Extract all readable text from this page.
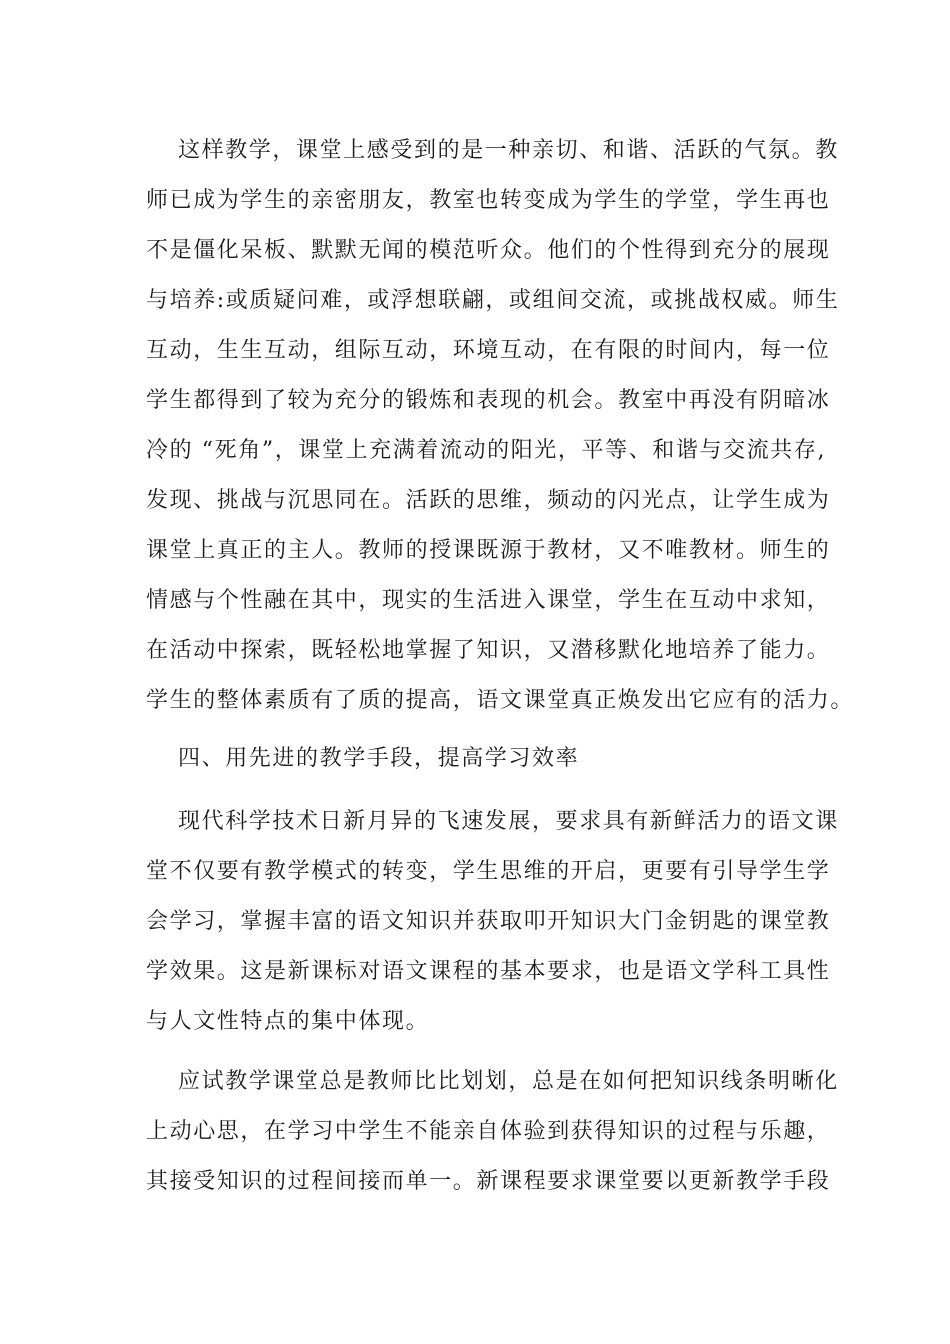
这样教学，课堂上感受到的是一种亲切、和谐、活跃的气氛。教
师已成为学生的亲密朋友，教室也转变成为学生的学堂，学生再也
不是僵化呆板、默默无闻的模范听众。他们的个性得到充分的展现
与培养:或质疑问难，或浮想联翩，或组间交流，或挑战权威。师生
互动，生生互动，组际互动，环境互动，在有限的时间内，每一位
学生都得到了较为充分的锻炼和表现的机会。教室中再没有阴暗冰
冷的 “死角”，课堂上充满着流动的阳光，平等、和谐与交流共存,
发现、挑战与沉思同在。活跃的思维，频动的闪光点，让学生成为
课堂上真正的主人。教师的授课既源于教材，又不唯教材。师生的
情感与个性融在其中，现实的生活进入课堂，学生在互动中求知，
在活动中探索，既轻松地掌握了知识，又潜移默化地培养了能力。
学生的整体素质有了质的提高，语文课堂真正焕发出它应有的活力。
四、用先进的教学手段，提高学习效率
现代科学技术日新月异的飞速发展，要求具有新鲜活力的语文课
堂不仅要有教学模式的转变，学生思维的开启，更要有引导学生学
会学习，掌握丰富的语文知识并获取叩开知识大门金钥匙的课堂教
学效果。这是新课标对语文课程的基本要求，也是语文学科工具性
与人文性特点的集中体现。
应试教学课堂总是教师比比划划，总是在如何把知识线条明晰化
上动心思，在学习中学生不能亲自体验到获得知识的过程与乐趣，
其接受知识的过程间接而单一。新课程要求课堂要以更新教学手段
